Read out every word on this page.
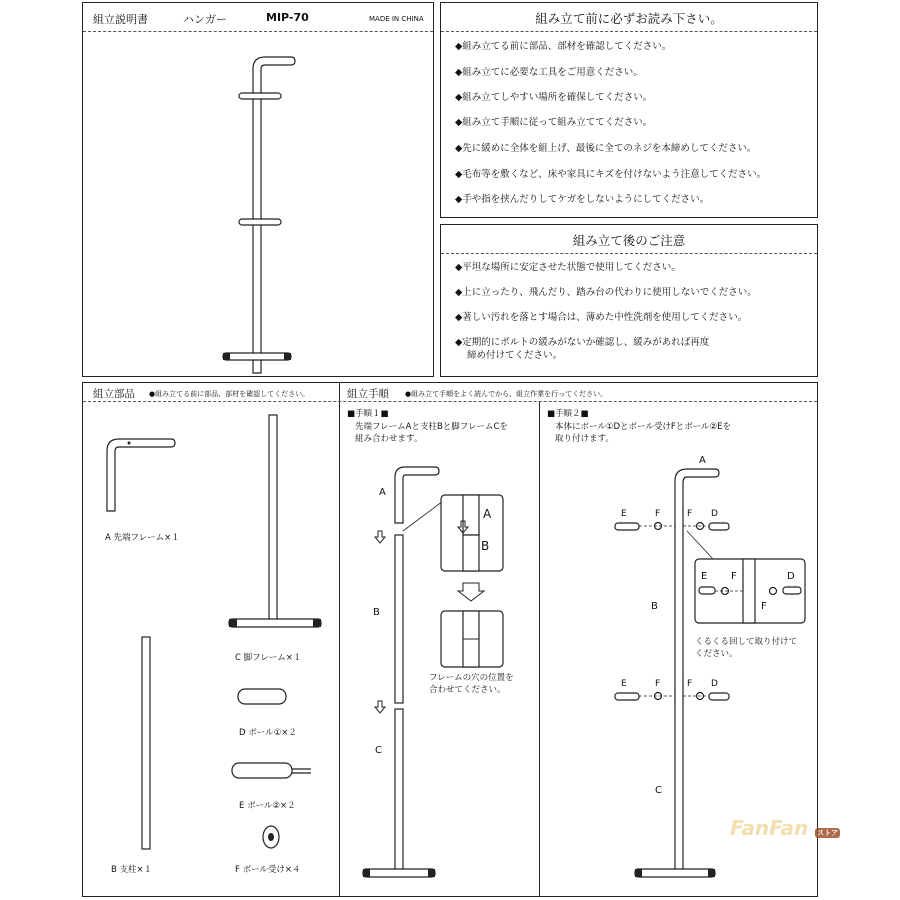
組立説明書	ハンガー	MIP-70	MADE IN CHINA	組み立て前に必ずお読み下さい。
◆組み立てる前に部品、部材を確認してください。
◆組み立てに必要な工具をご用意ください。
◆組み立てしやすい場所を確保してください。
◆組み立て手順に従って組み立ててください。
◆先に緩めに全体を組上げ、最後に全てのネジを本締めしてください。
◆毛布等を敷くなど、床や家具にキズを付けないよう注意してください。
◆手や指を挟んだりしてケガをしないようにしてください。
組み立て後のご注意
◆平坦な場所に安定させた状態で使用してください。
◆上に立ったり、飛んだり、踏み台の代わりに使用しないでください。
◆著しい汚れを落とす場合は、薄めた中性洗剤を使用してください。
◆定期的にボルトの緩みがないか確認し、緩みがあれば再度
締め付けてください。
組立部品 ●組み立てる前に部品、部材を確認してください。	組立手順 ●組み立て手順をよく読んでから、組立作業を行ってください。
A 先端フレーム×１
B 支柱×１
C 脚フレーム×１
D ボール①×２
E ボール②×２
F ボール受け×４
■手順１■
先端フレームAと支柱Bと脚フレームCを
組み合わせます。
A
B
C
A
B
フレームの穴の位置を
合わせてください。
■手順２■
本体にボール①Dとボール受けFとボール②Eを
取り付けます。
A
B
C
E	F	F D
E	F	F D
E F
F
D
くるくる回して取り付けて
ください。
FanFan ストア
